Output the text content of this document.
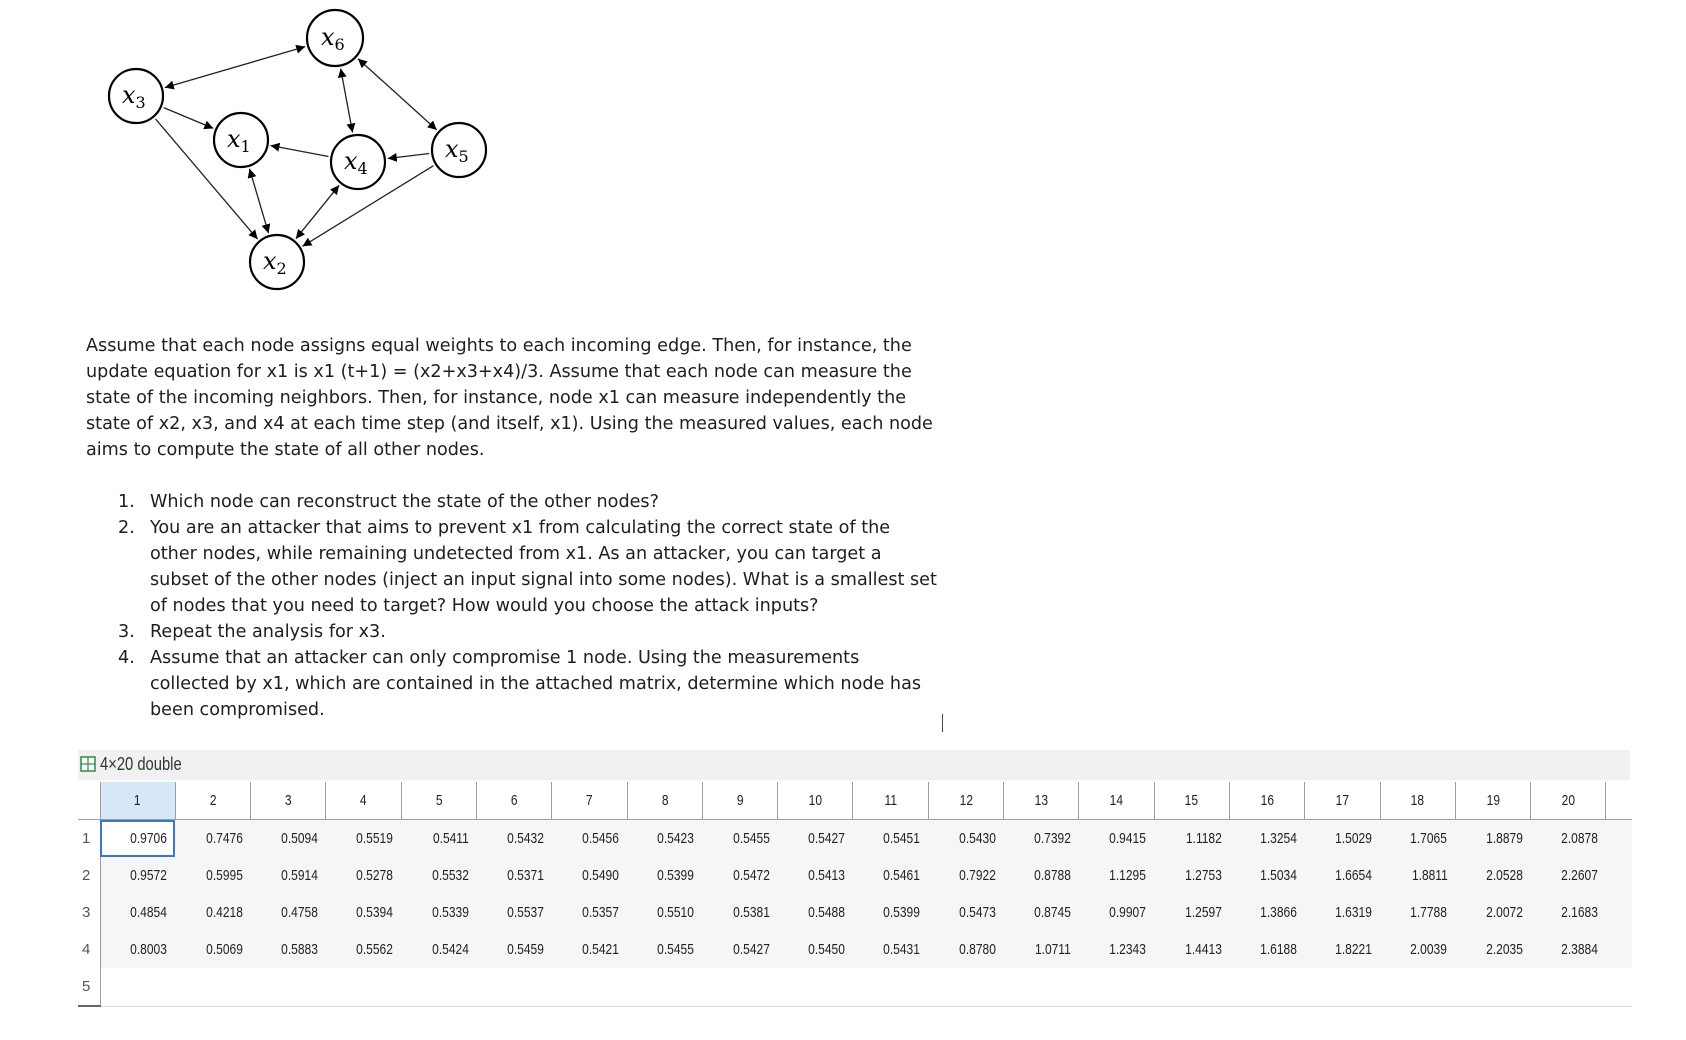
$x_6$
$x_3$
$x_1$
$x_4$
$x_5$
$x_2$

Assume that each node assigns equal weights to each incoming edge. Then, for instance, the update equation for x1 is x1 (t+1) = (x2+x3+x4)/3. Assume that each node can measure the state of the incoming neighbors. Then, for instance, node x1 can measure independently the state of x2, x3, and x4 at each time step (and itself, x1). Using the measured values, each node aims to compute the state of all other nodes.

1. Which node can reconstruct the state of the other nodes?
2. You are an attacker that aims to prevent x1 from calculating the correct state of the other nodes, while remaining undetected from x1. As an attacker, you can target a subset of the other nodes (inject an input signal into some nodes). What is a smallest set of nodes that you need to target? How would you choose the attack inputs?
3. Repeat the analysis for x3.
4. Assume that an attacker can only compromise 1 node. Using the measurements collected by x1, which are contained in the attached matrix, determine which node has been compromised.
4×20 double
	1	2	3	4	5	6	7	8	9	10	11	12	13	14	15	16	17	18	19	20	
1	0.9706	0.7476	0.5094	0.5519	0.5411	0.5432	0.5456	0.5423	0.5455	0.5427	0.5451	0.5430	0.7392	0.9415	1.1182	1.3254	1.5029	1.7065	1.8879	2.0878	
2	0.9572	0.5995	0.5914	0.5278	0.5532	0.5371	0.5490	0.5399	0.5472	0.5413	0.5461	0.7922	0.8788	1.1295	1.2753	1.5034	1.6654	1.8811	2.0528	2.2607	
3	0.4854	0.4218	0.4758	0.5394	0.5339	0.5537	0.5357	0.5510	0.5381	0.5488	0.5399	0.5473	0.8745	0.9907	1.2597	1.3866	1.6319	1.7788	2.0072	2.1683	
4	0.8003	0.5069	0.5883	0.5562	0.5424	0.5459	0.5421	0.5455	0.5427	0.5450	0.5431	0.8780	1.0711	1.2343	1.4413	1.6188	1.8221	2.0039	2.2035	2.3884	
5																					
